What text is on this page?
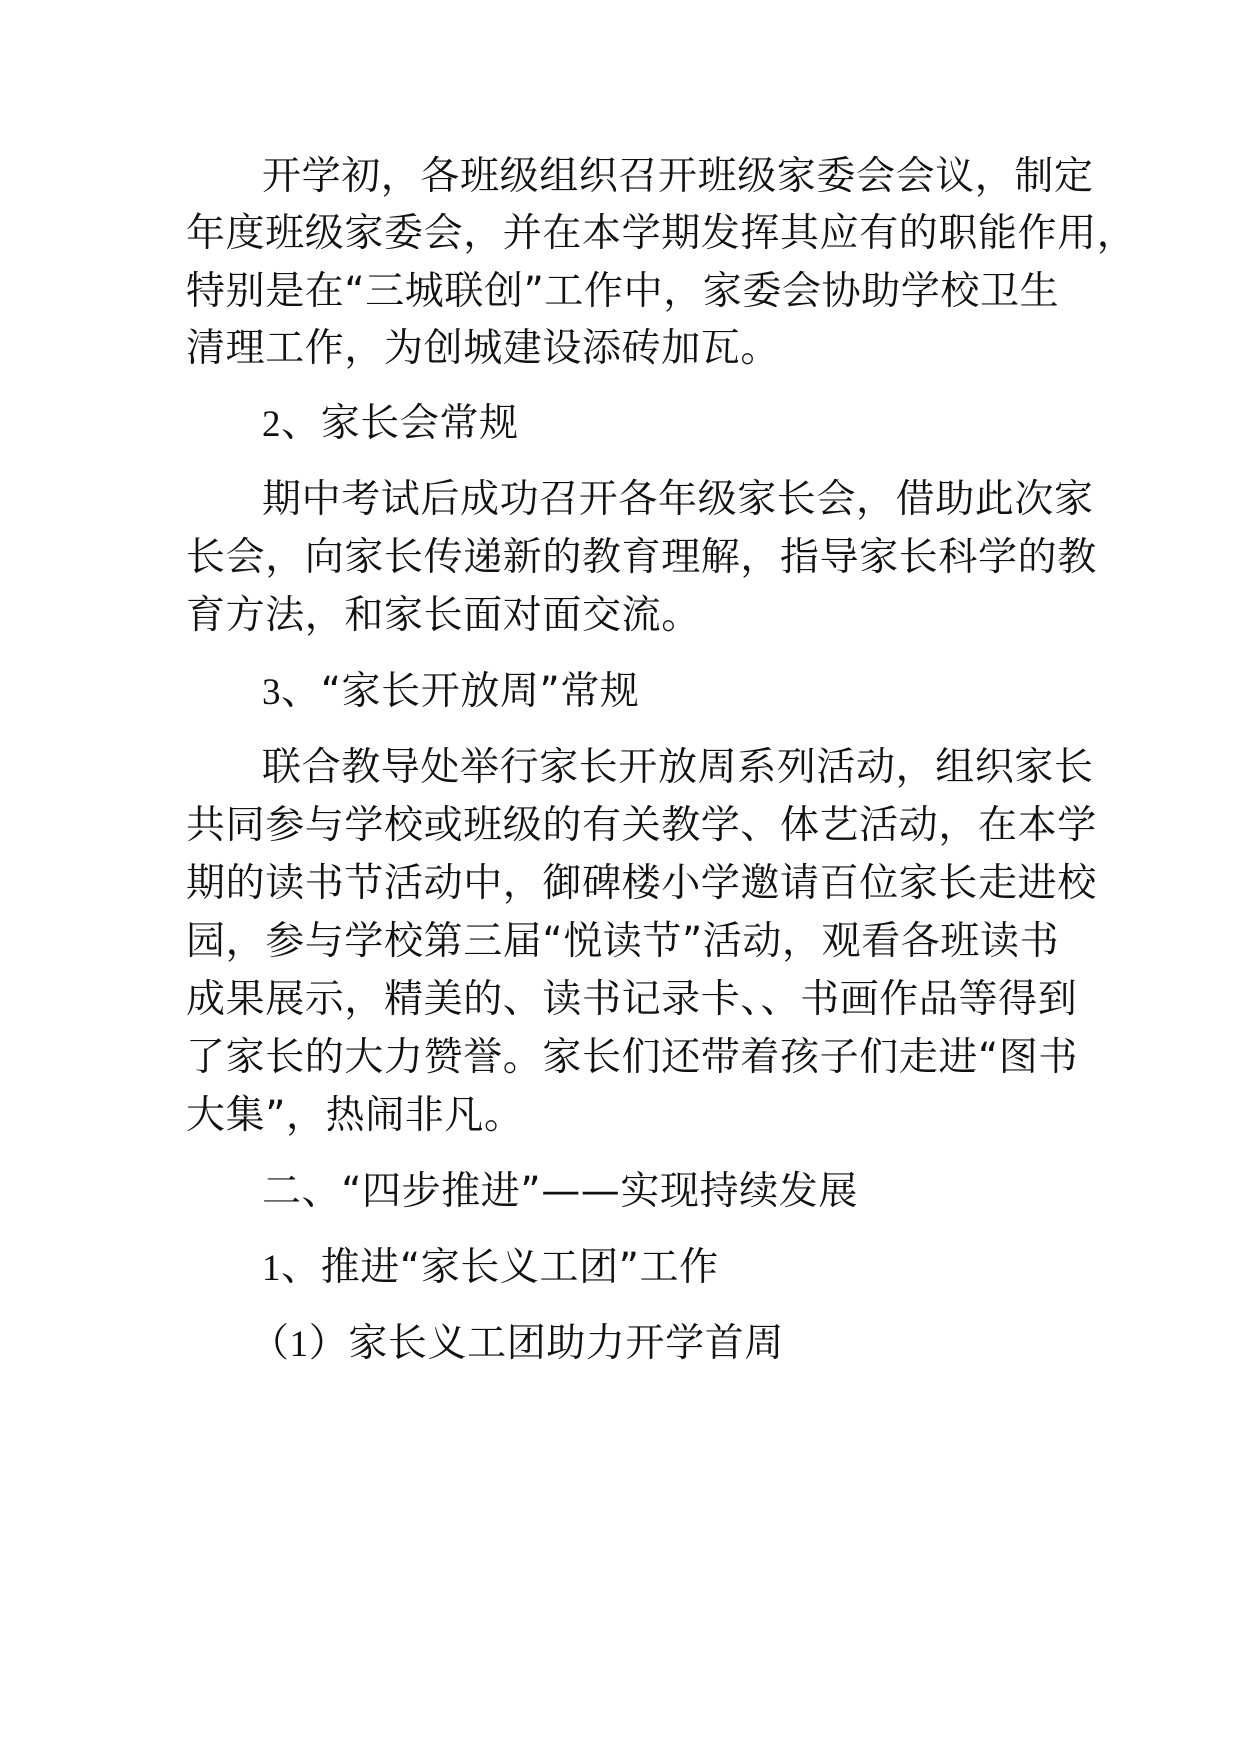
开学初，各班级组织召开班级家委会会议，制定
年度班级家委会，并在本学期发挥其应有的职能作用，
特别是在“三城联创”工作中，家委会协助学校卫生
清理工作，为创城建设添砖加瓦。
2、家长会常规
期中考试后成功召开各年级家长会，借助此次家
长会，向家长传递新的教育理解，指导家长科学的教
育方法，和家长面对面交流。
3、“家长开放周”常规
联合教导处举行家长开放周系列活动，组织家长
共同参与学校或班级的有关教学、体艺活动，在本学
期的读书节活动中，御碑楼小学邀请百位家长走进校
园，参与学校第三届“悦读节”活动，观看各班读书
成果展示，精美的、读书记录卡、、书画作品等得到
了家长的大力赞誉。家长们还带着孩子们走进“图书
大集”，热闹非凡。
二、“四步推进”——实现持续发展
1、推进“家长义工团”工作
（1）家长义工团助力开学首周
